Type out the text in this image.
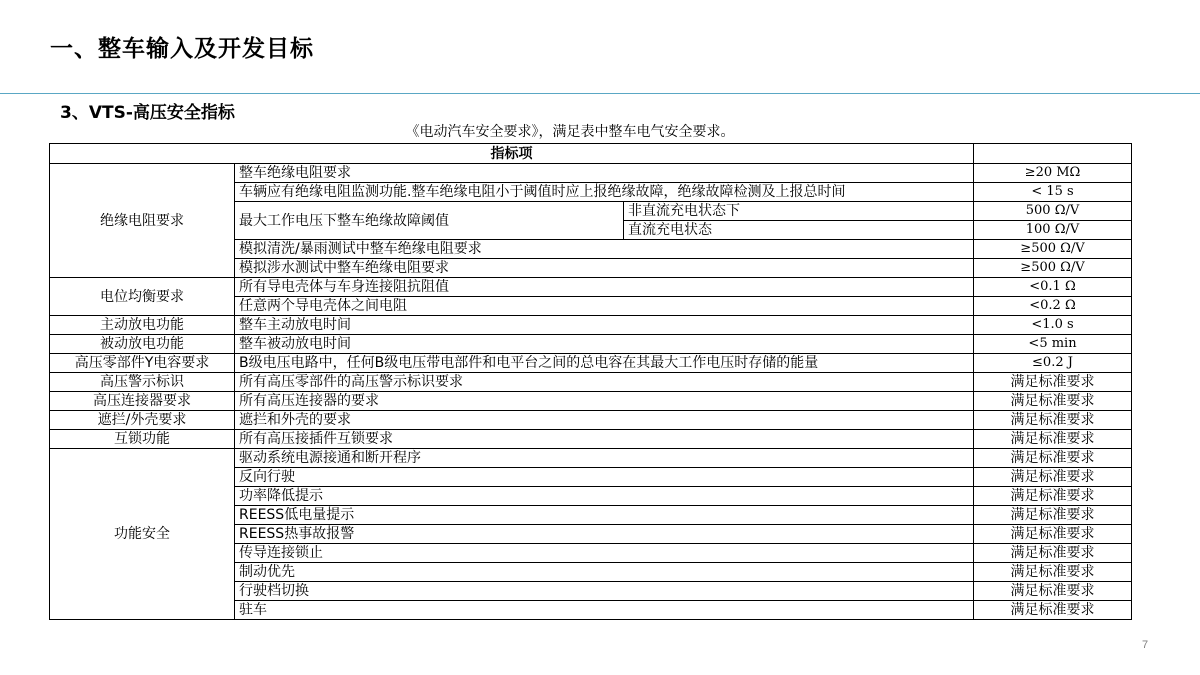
一、整车输入及开发目标
3、VTS-高压安全指标
《电动汽车安全要求》，满足表中整车电气安全要求。
指标项			
绝缘电阻要求	整车绝缘电阻要求		≥20 MΩ
	车辆应有绝缘电阻监测功能.整车绝缘电阻小于阈值时应上报绝缘故障，绝缘故障检测及上报总时间		< 15 s
	最大工作电压下整车绝缘故障阈值	非直流充电状态下	500 Ω/V
		直流充电状态	100 Ω/V
	模拟清洗/暴雨测试中整车绝缘电阻要求		≥500 Ω/V
	模拟涉水测试中整车绝缘电阻要求		≥500 Ω/V
电位均衡要求	所有导电壳体与车身连接阻抗阻值		<0.1 Ω
	任意两个导电壳体之间电阻		<0.2 Ω
主动放电功能	整车主动放电时间		<1.0 s
被动放电功能	整车被动放电时间		<5 min
高压零部件Y电容要求	B级电压电路中，任何B级电压带电部件和电平台之间的总电容在其最大工作电压时存储的能量		≤0.2 J
高压警示标识	所有高压零部件的高压警示标识要求		满足标准要求
高压连接器要求	所有高压连接器的要求		满足标准要求
遮拦/外壳要求	遮拦和外壳的要求		满足标准要求
互锁功能	所有高压接插件互锁要求		满足标准要求
功能安全	驱动系统电源接通和断开程序		满足标准要求
	反向行驶		满足标准要求
	功率降低提示		满足标准要求
	REESS低电量提示		满足标准要求
	REESS热事故报警		满足标准要求
	传导连接锁止		满足标准要求
	制动优先		满足标准要求
	行驶档切换		满足标准要求
	驻车		满足标准要求
7
